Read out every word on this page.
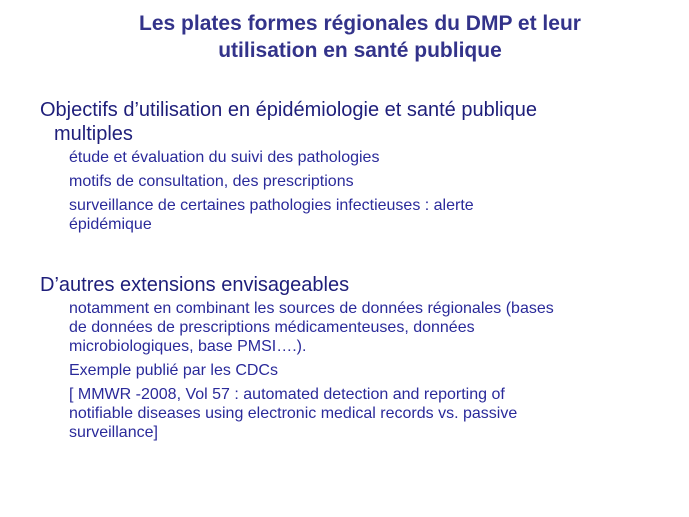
Les plates formes régionales du DMP et leur
utilisation en santé publique

Objectifs d’utilisation en épidémiologie et santé publique
multiples

étude et évaluation du suivi des pathologies
motifs de consultation, des prescriptions
surveillance de certaines pathologies infectieuses : alerte
épidémique

D’autres extensions envisageables

notamment en combinant les sources de données régionales (bases
de données de prescriptions médicamenteuses, données
microbiologiques, base PMSI….).
Exemple publié par les CDCs
[ MMWR -2008, Vol 57 : automated detection and reporting of
notifiable diseases using electronic medical records vs. passive
surveillance]
